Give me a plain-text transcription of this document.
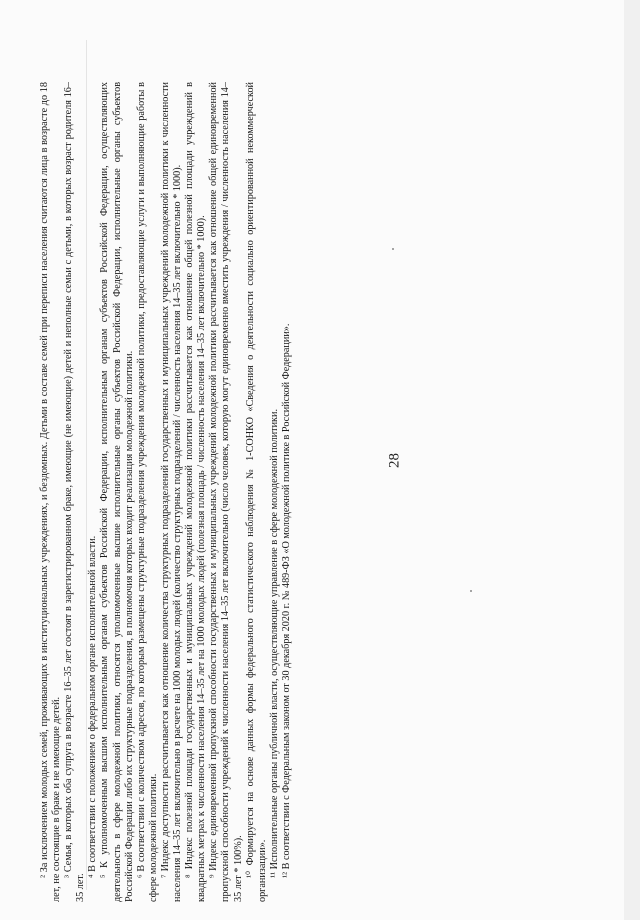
28

² За исключением молодых семей, проживающих в институциональных учреждениях, и бездомных. Детьми в составе семей при переписи населения считаются лица в возрасте до 18 лет, не состоящие в браке и не имеющие детей. ³ Семья, в которых оба супруга в возрасте 16–35 лет состоят в зарегистрированном браке, имеющие (не имеющие) детей и неполные семьи с детьми, в которых возраст родителя 16–35 лет.

⁴ В соответствии с положением о федеральном органе исполнительной власти. ⁵ К уполномоченным высшим исполнительным органам субъектов Российской Федерации, исполнительным органам субъектов Российской Федерации, осуществляющих деятельность в сфере молодежной политики, относятся уполномоченные высшие исполнительные органы субъектов Российской Федерации, исполнительные органы субъектов Российской Федерации либо их структурные подразделения, в полномочия которых входит реализация молодежной политики. ⁶ В соответствии с количеством адресов, по которым размещены структурные подразделения учреждения молодежной политики, предоставляющие услуги и выполняющие работы в сфере молодежной политики. ⁷ Индекс доступности рассчитывается как отношение количества структурных подразделений государственных и муниципальных учреждений молодежной политики к численности населения 14–35 лет включительно в расчете на 1000 молодых людей (количество структурных подразделений / численность населения 14–35 лет включительно * 1000). ⁸ Индекс полезной площади государственных и муниципальных учреждений молодежной политики рассчитывается как отношение общей полезной площади учреждений в квадратных метрах к численности населения 14–35 лет на 1000 молодых людей (полезная площадь / численность населения 14–35 лет включительно * 1000). ⁹ Индекс единовременной пропускной способности государственных и муниципальных учреждений молодежной политики рассчитывается как отношение общей единовременной пропускной способности учреждений к численности населения 14–35 лет включительно (число человек, которую могут единовременно вместить учреждения / численность населения 14–35 лет * 100%). ¹⁰ Формируется на основе данных формы федерального статистического наблюдения № 1-СОНКО «Сведения о деятельности социально ориентированной некоммерческой организации». ¹¹ Исполнительные органы публичной власти, осуществляющие управление в сфере молодежной политики. ¹² В соответствии с Федеральным законом от 30 декабря 2020 г. № 489-ФЗ «О молодежной политике в Российской Федерации».
